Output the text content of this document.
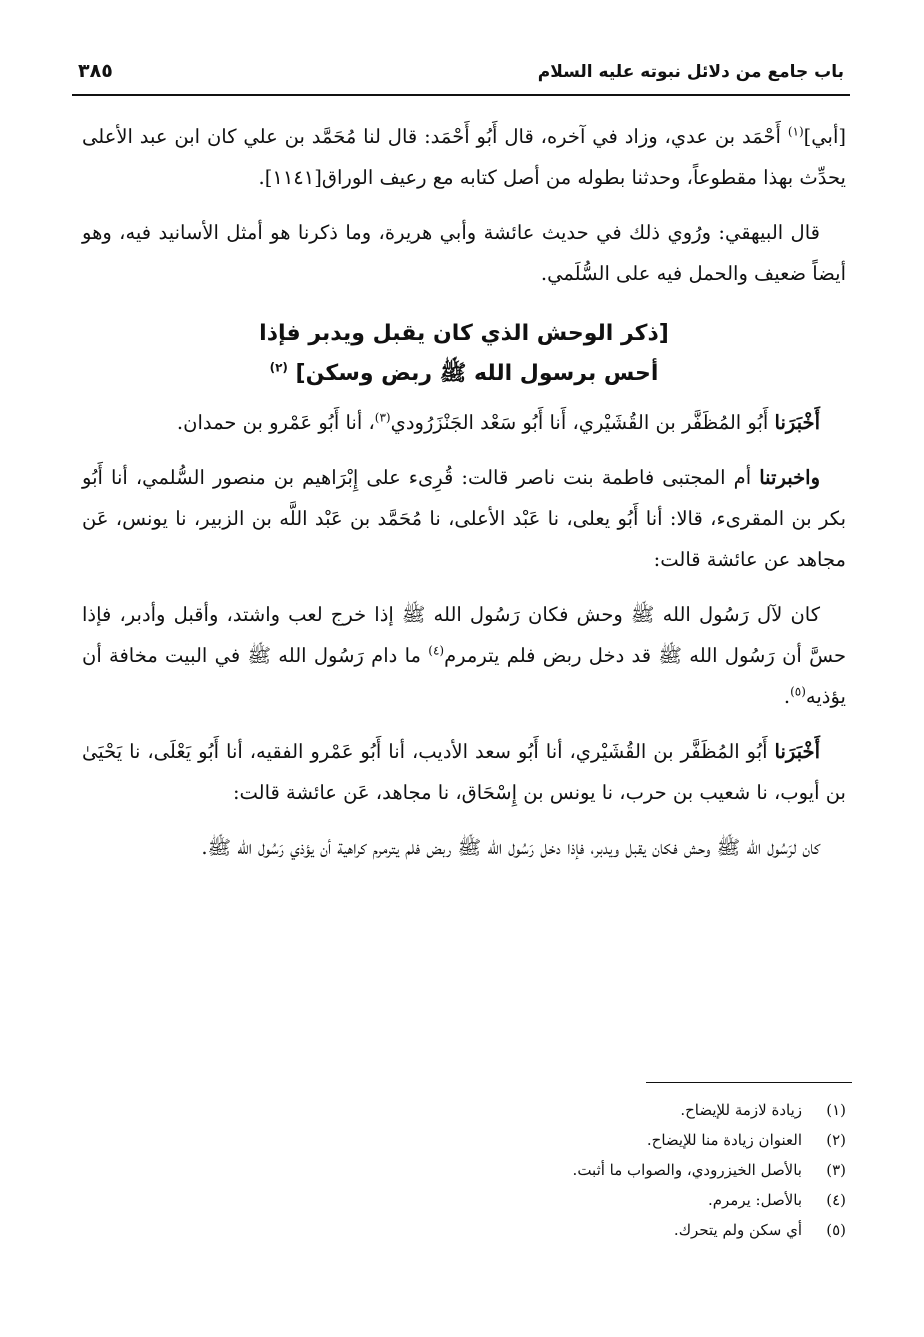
باب جامع من دلائل نبوته عليه السلام
٣٨٥

[أبي]$^{(١)}$ أَحْمَد بن عدي، وزاد في آخره، قال أَبُو أَحْمَد: قال لنا مُحَمَّد بن علي كان ابن عبد الأعلى يحدِّث بهذا مقطوعاً، وحدثنا بطوله من أصل كتابه مع رعيف الوراق[١١٤١].

قال البيهقي: ورُوي ذلك في حديث عائشة وأبي هريرة، وما ذكرنا هو أمثل الأسانيد فيه، وهو أيضاً ضعيف والحمل فيه على السُّلَمي.

[ذكر الوحش الذي كان يقبل ويدبر فإذا
أحس برسول الله ﷺ ربض وسكن] $^{(٢)}$

أَخْبَرَنا أَبُو المُظَفَّر بن القُشَيْري، أَنا أَبُو سَعْد الجَنْزَرُودي$^{(٣)}$، أنا أَبُو عَمْرو بن حمدان.

واخبرتنا أم المجتبى فاطمة بنت ناصر قالت: قُرِىء على إِبْرَاهيم بن منصور السُّلمي، أنا أَبُو بكر بن المقرىء، قالا: أنا أَبُو يعلى، نا عَبْد الأعلى، نا مُحَمَّد بن عَبْد اللَّه بن الزبير، نا يونس، عَن مجاهد عن عائشة قالت:

كان لآل رَسُول الله ﷺ وحش فكان رَسُول الله ﷺ إذا خرج لعب واشتد، وأقبل وأدبر، فإذا حسَّ أن رَسُول الله ﷺ قد دخل ربض فلم يترمرم$^{(٤)}$ ما دام رَسُول الله ﷺ في البيت مخافة أن يؤذيه$^{(٥)}$.

أَخْبَرَنا أَبُو المُظَفَّر بن القُشَيْري، أنا أَبُو سعد الأديب، أنا أَبُو عَمْرو الفقيه، أنا أَبُو يَعْلَى، نا يَحْيَىٰ بن أيوب، نا شعيب بن حرب، نا يونس بن إِسْحَاق، نا مجاهد، عَن عائشة قالت:

كان لرَسُول الله ﷺ وحش فكان يقبل ويدبر، فإذا دخل رَسُول الله ﷺ ربض فلم يترمرم كراهية أن يؤذي رَسُول الله ﷺ.

(١)
زيادة لازمة للإيضاح.
(٢)
العنوان زيادة منا للإيضاح.
(٣)
بالأصل الخيزرودي، والصواب ما أثبت.
(٤)
بالأصل: يرمرم.
(٥)
أي سكن ولم يتحرك.
